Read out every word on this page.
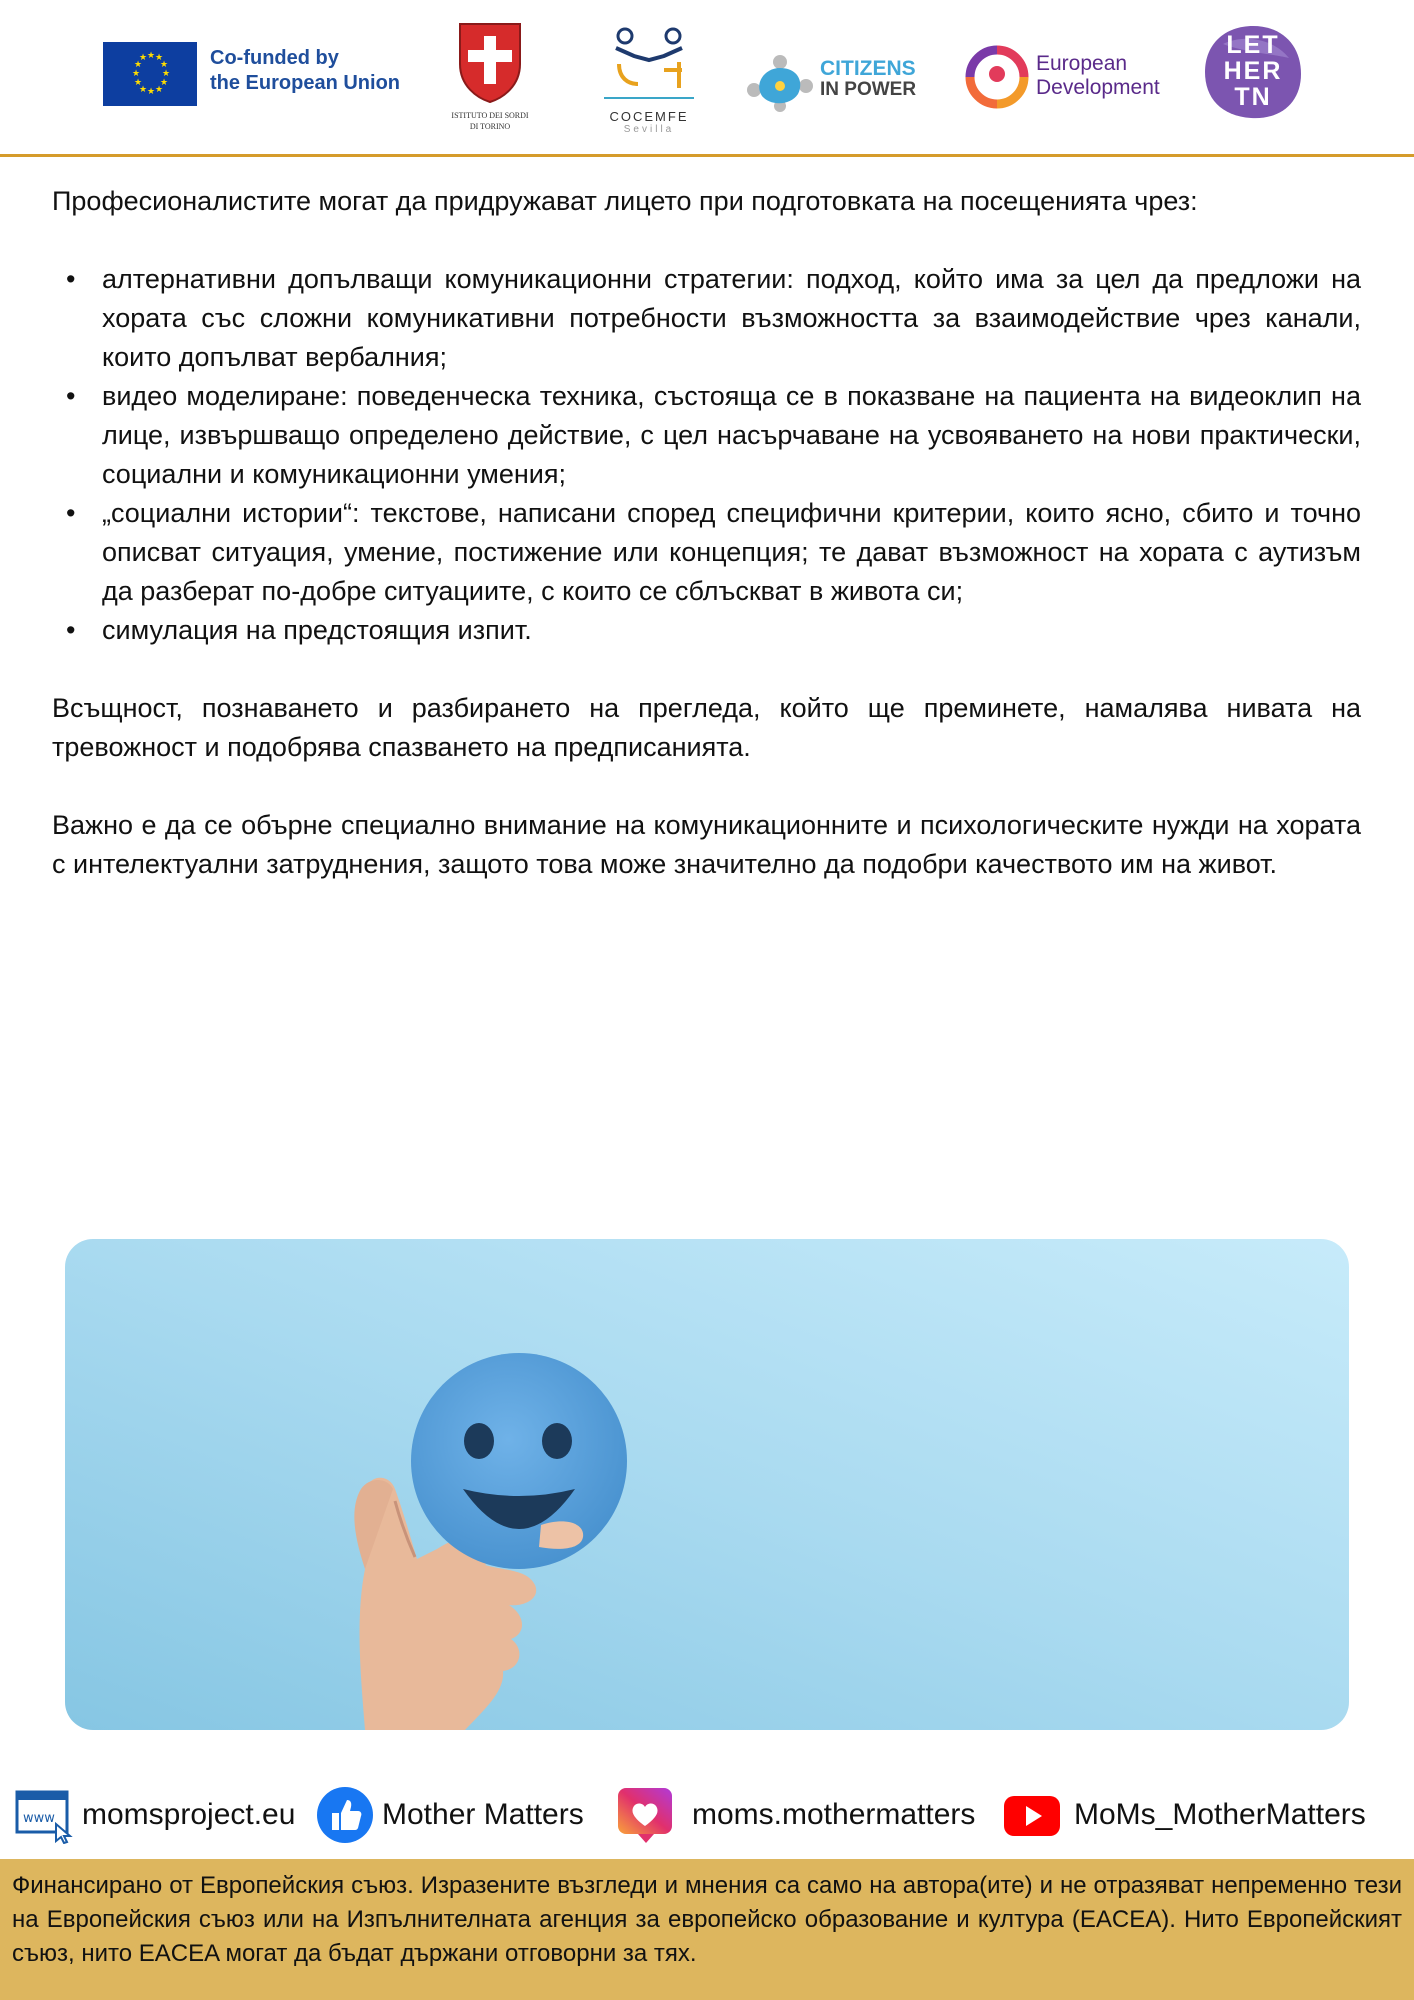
★ ★
★
★
★
★
★
★
★
★
★
★	Co-funded by
the European Union
ISTITUTO DEI SORDI
DI TORINO
COCEMFE
Sevilla
CITIZENS
IN POWER
European
Development
LET
HER
TN

Професионалистите могат да придружават лицето при подготовката на посещенията чрез:

• алтернативни допълващи комуникационни стратегии: подход, който има за цел да предложи на хората със сложни комуникативни потребности възможността за взаимодействие чрез канали, които допълват вербалния;
• видео моделиране: поведенческа техника, състояща се в показване на пациента на видеоклип на лице, извършващо определено действие, с цел насърчаване на усвояването на нови практически, социални и комуникационни умения;
• „социални истории“: текстове, написани според специфични критерии, които ясно, сбито и точно описват ситуация, умение, постижение или концепция; те дават възможност на хората с аутизъм да разберат по-добре ситуациите, с които се сблъскват в живота си;
• симулация на предстоящия изпит.

Всъщност, познаването и разбирането на прегледа, който ще преминете, намалява нивата на тревожност и подобрява спазването на предписанията.

Важно е да се обърне специално внимание на комуникационните и психологическите нужди на хората с интелектуални затруднения, защото това може значително да подобри качеството им на живот.

www momsproject.eu	Mother Matters	moms.mothermatters	MoMs_MotherMatters
Финансирано от Европейския съюз. Изразените възгледи и мнения са само на автора(ите) и не отразяват непременно тези на Европейския съюз или на Изпълнителната агенция за европейско образование и култура (EACEA). Нито Европейският съюз, нито EACEA могат да бъдат държани отговорни за тях.
